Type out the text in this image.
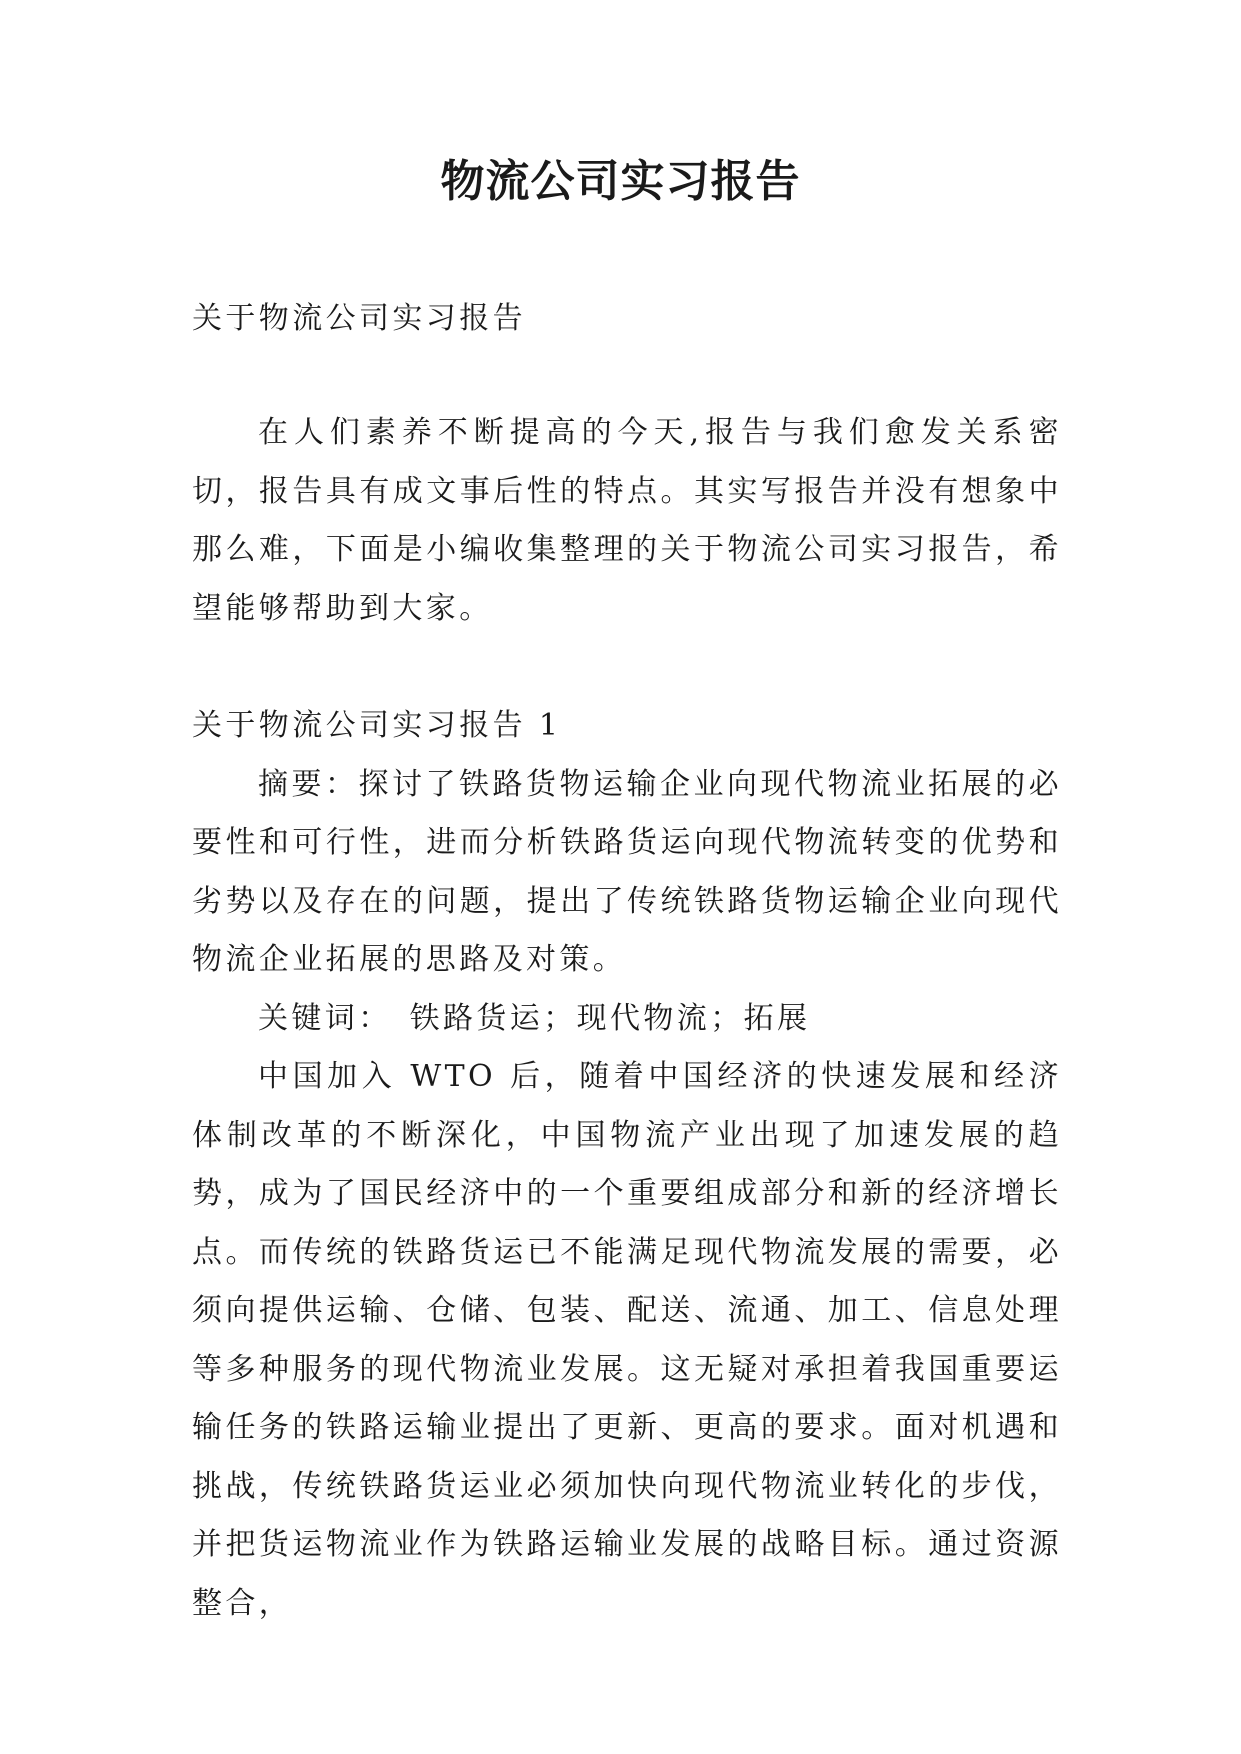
物流公司实习报告

关于物流公司实习报告

在人们素养不断提高的今天,报告与我们愈发关系密切，报告具有成文事后性的特点。其实写报告并没有想象中那么难，下面是小编收集整理的关于物流公司实习报告，希望能够帮助到大家。

关于物流公司实习报告 1

摘要：探讨了铁路货物运输企业向现代物流业拓展的必要性和可行性，进而分析铁路货运向现代物流转变的优势和劣势以及存在的问题，提出了传统铁路货物运输企业向现代物流企业拓展的思路及对策。

关键词： 铁路货运；现代物流；拓展

中国加入 WTO 后，随着中国经济的快速发展和经济体制改革的不断深化，中国物流产业出现了加速发展的趋势，成为了国民经济中的一个重要组成部分和新的经济增长点。而传统的铁路货运已不能满足现代物流发展的需要，必须向提供运输、仓储、包装、配送、流通、加工、信息处理等多种服务的现代物流业发展。这无疑对承担着我国重要运输任务的铁路运输业提出了更新、更高的要求。面对机遇和挑战，传统铁路货运业必须加快向现代物流业转化的步伐，并把货运物流业作为铁路运输业发展的战略目标。通过资源整合，
